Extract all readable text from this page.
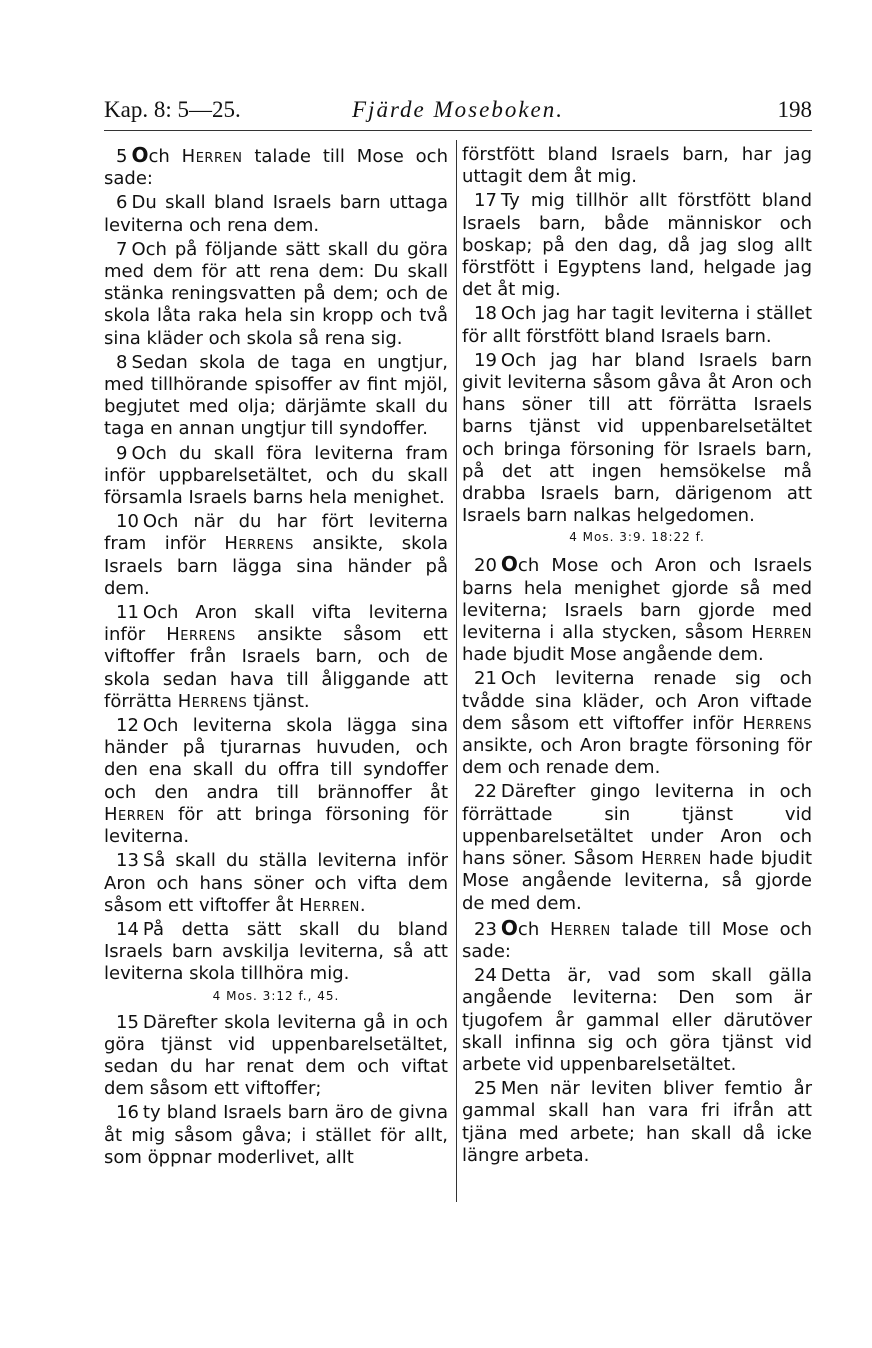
Kap. 8: 5—25.	Fjärde Moseboken.	198

5 Och Herren talade till Mose och sade:

6 Du skall bland Israels barn uttaga leviterna och rena dem.

7 Och på följande sätt skall du göra med dem för att rena dem: Du skall stänka reningsvatten på dem; och de skola låta raka hela sin kropp och två sina kläder och skola så rena sig.

8 Sedan skola de taga en ungtjur, med tillhörande spisoffer av fint mjöl, begjutet med olja; därjämte skall du taga en annan ungtjur till syndoffer.

9 Och du skall föra leviterna fram inför uppbarelsetältet, och du skall församla Israels barns hela menighet.

10 Och när du har fört leviterna fram inför Herrens ansikte, skola Israels barn lägga sina händer på dem.

11 Och Aron skall vifta leviterna inför Herrens ansikte såsom ett viftoffer från Israels barn, och de skola sedan hava till åliggande att förrätta Herrens tjänst.

12 Och leviterna skola lägga sina händer på tjurarnas huvuden, och den ena skall du offra till syndoffer och den andra till brännoffer åt Herren för att bringa försoning för leviterna.

13 Så skall du ställa leviterna inför Aron och hans söner och vifta dem såsom ett viftoffer åt Herren.

14 På detta sätt skall du bland Israels barn avskilja leviterna, så att leviterna skola tillhöra mig.

4 Mos. 3:12 f., 45.

15 Därefter skola leviterna gå in och göra tjänst vid uppenbarelsetältet, sedan du har renat dem och viftat dem såsom ett viftoffer;

16 ty bland Israels barn äro de givna åt mig såsom gåva; i stället för allt, som öppnar moderlivet, allt

förstfött bland Israels barn, har jag uttagit dem åt mig.

17 Ty mig tillhör allt förstfött bland Israels barn, både människor och boskap; på den dag, då jag slog allt förstfött i Egyptens land, helgade jag det åt mig.

18 Och jag har tagit leviterna i stället för allt förstfött bland Israels barn.

19 Och jag har bland Israels barn givit leviterna såsom gåva åt Aron och hans söner till att förrätta Israels barns tjänst vid uppenbarelsetältet och bringa försoning för Israels barn, på det att ingen hemsökelse må drabba Israels barn, därigenom att Israels barn nalkas helgedomen.

4 Mos. 3:9. 18:22 f.

20 Och Mose och Aron och Israels barns hela menighet gjorde så med leviterna; Israels barn gjorde med leviterna i alla stycken, såsom Herren hade bjudit Mose angående dem.

21 Och leviterna renade sig och tvådde sina kläder, och Aron viftade dem såsom ett viftoffer inför Herrens ansikte, och Aron bragte försoning för dem och renade dem.

22 Därefter gingo leviterna in och förrättade sin tjänst vid uppenbarelsetältet under Aron och hans söner. Såsom Herren hade bjudit Mose angående leviterna, så gjorde de med dem.

23 Och Herren talade till Mose och sade:

24 Detta är, vad som skall gälla angående leviterna: Den som är tjugofem år gammal eller därutöver skall infinna sig och göra tjänst vid arbete vid uppenbarelsetältet.

25 Men när leviten bliver femtio år gammal skall han vara fri ifrån att tjäna med arbete; han skall då icke längre arbeta.
